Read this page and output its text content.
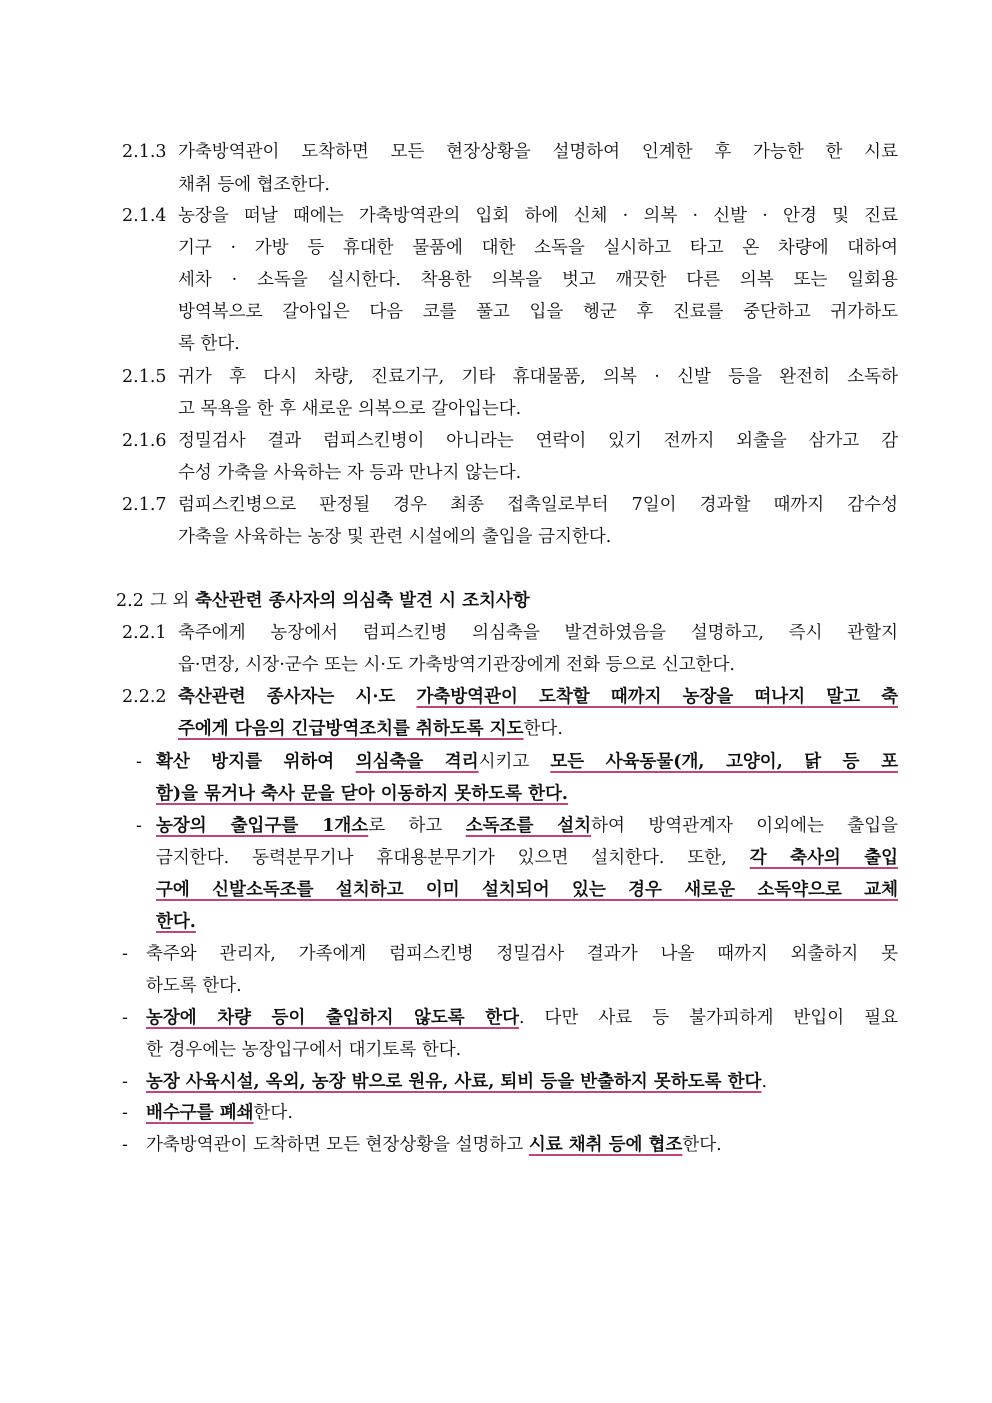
2.1.3 가축방역관이 도착하면 모든 현장상황을 설명하여 인계한 후 가능한 한 시료
채취 등에 협조한다.
2.1.4 농장을 떠날 때에는 가축방역관의 입회 하에 신체 · 의복 · 신발 · 안경 및 진료
기구 · 가방 등 휴대한 물품에 대한 소독을 실시하고 타고 온 차량에 대하여
세차 · 소독을 실시한다. 착용한 의복을 벗고 깨끗한 다른 의복 또는 일회용
방역복으로 갈아입은 다음 코를 풀고 입을 헹군 후 진료를 중단하고 귀가하도
록 한다.
2.1.5 귀가 후 다시 차량, 진료기구, 기타 휴대물품, 의복 · 신발 등을 완전히 소독하
고 목욕을 한 후 새로운 의복으로 갈아입는다.
2.1.6 정밀검사 결과 럼피스킨병이 아니라는 연락이 있기 전까지 외출을 삼가고 감
수성 가축을 사육하는 자 등과 만나지 않는다.
2.1.7 럼피스킨병으로 판정될 경우 최종 접촉일로부터 7일이 경과할 때까지 감수성
가축을 사육하는 농장 및 관련 시설에의 출입을 금지한다.
2.2 그 외 축산관련 종사자의 의심축 발견 시 조치사항
2.2.1 축주에게 농장에서 럼피스킨병 의심축을 발견하였음을 설명하고, 즉시 관할지
읍·면장, 시장·군수 또는 시·도 가축방역기관장에게 전화 등으로 신고한다.
2.2.2 축산관련 종사자는 시·도 가축방역관이 도착할 때까지 농장을 떠나지 말고 축
주에게 다음의 긴급방역조치를 취하도록 지도한다.
- 확산 방지를 위하여 의심축을 격리시키고 모든 사육동물(개, 고양이, 닭 등 포
함)을 묶거나 축사 문을 닫아 이동하지 못하도록 한다.
- 농장의 출입구를 1개소로 하고 소독조를 설치하여 방역관계자 이외에는 출입을
금지한다. 동력분무기나 휴대용분무기가 있으면 설치한다. 또한, 각 축사의 출입
구에 신발소독조를 설치하고 이미 설치되어 있는 경우 새로운 소독약으로 교체
한다.
- 축주와 관리자, 가족에게 럼피스킨병 정밀검사 결과가 나올 때까지 외출하지 못
하도록 한다.
- 농장에 차량 등이 출입하지 않도록 한다. 다만 사료 등 불가피하게 반입이 필요
한 경우에는 농장입구에서 대기토록 한다.
- 농장 사육시설, 옥외, 농장 밖으로 원유, 사료, 퇴비 등을 반출하지 못하도록 한다.
- 배수구를 폐쇄한다.
- 가축방역관이 도착하면 모든 현장상황을 설명하고 시료 채취 등에 협조한다.
